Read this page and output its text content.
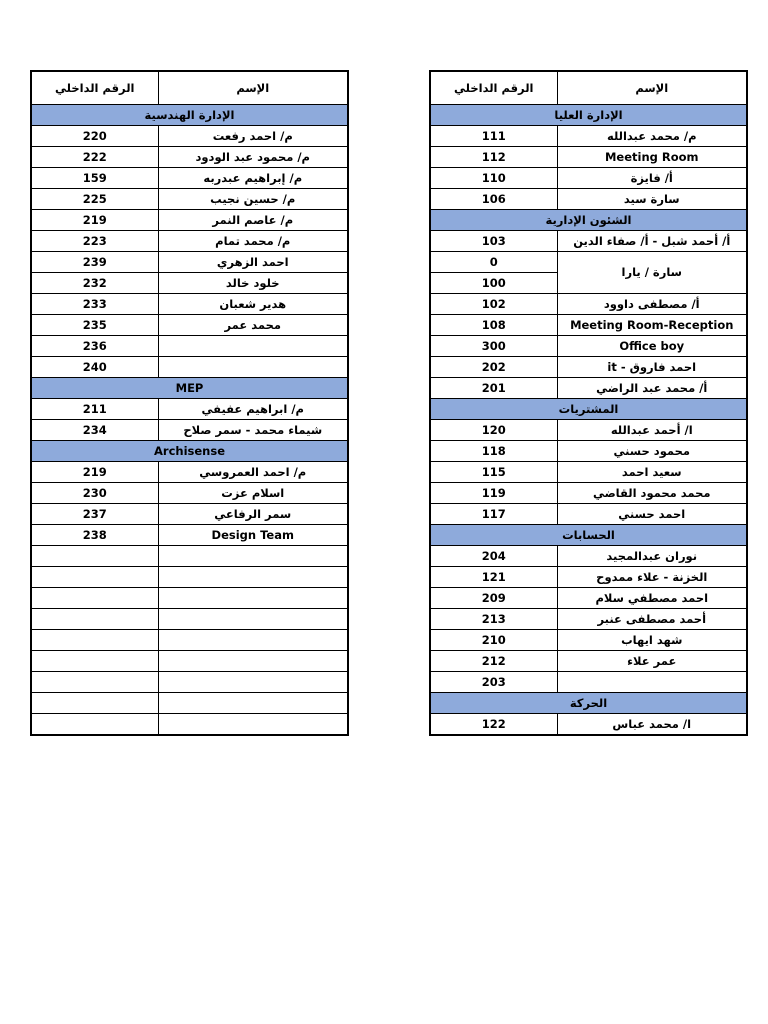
الرقم الداخلي	الإسم
الإدارة الهندسية	
220	م/ احمد رفعت
222	م/ محمود عبد الودود
159	م/ إبراهيم عبدربه
225	م/ حسين نجيب
219	م/ عاصم النمر
223	م/ محمد تمام
239	احمد الزهري
232	خلود خالد
233	هدير شعبان
235	محمد عمر
236	
240	
MEP	
211	م/ ابراهيم عفيفي
234	شيماء محمد - سمر صلاح
Archisense	
219	م/ احمد العمروسي
230	اسلام عزت
237	سمر الرفاعي
238	Design Team

الرقم الداخلي	الإسم
الإدارة العليا	
111	م/ محمد عبدالله
112	Meeting Room
110	أ/ فايزة
106	سارة سيد
الشئون الإدارية	
103	أ/ أحمد شبل - أ/ صفاء الدين
0	سارة / يارا
100	
102	أ/ مصطفى داوود
108	Meeting Room-Reception
300	Office boy
202	احمد فاروق - it
201	أ/ محمد عبد الراضي
المشتريات	
120	ا/ أحمد عبدالله
118	محمود حسني
115	سعيد احمد
119	محمد محمود القاضي
117	احمد حسني
الحسابات	
204	نوران عبدالمجيد
121	الخزنة - علاء ممدوح
209	احمد مصطفي سلام
213	أحمد مصطفى عنبر
210	شهد ايهاب
212	عمر علاء
203	
الحركة	
122	ا/ محمد عباس
